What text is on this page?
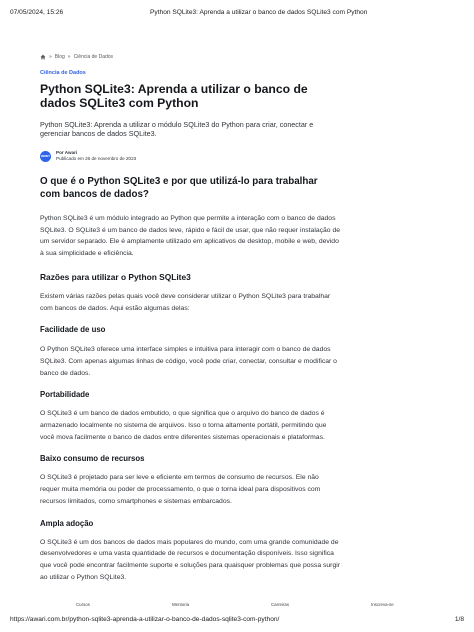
07/05/2024, 15:26	Python SQLite3: Aprenda a utilizar o banco de dados SQLite3 com Python
» Blog » Ciência de Dados
Ciência de Dados
Python SQLite3: Aprenda a utilizar o banco de dados SQLite3 com Python
Python SQLite3: Aprenda a utilizar o módulo SQLite3 do Python para criar, conectar e gerenciar bancos de dados SQLite3.
awari
Por Awari
Publicado em 26 de novembro de 2023
O que é o Python SQLite3 e por que utilizá-lo para trabalhar com bancos de dados?

Python SQLite3 é um módulo integrado ao Python que permite a interação com o banco de dados SQLite3. O SQLite3 é um banco de dados leve, rápido e fácil de usar, que não requer instalação de um servidor separado. Ele é amplamente utilizado em aplicativos de desktop, mobile e web, devido à sua simplicidade e eficiência.

Razões para utilizar o Python SQLite3

Existem várias razões pelas quais você deve considerar utilizar o Python SQLite3 para trabalhar com bancos de dados. Aqui estão algumas delas:

Facilidade de uso

O Python SQLite3 oferece uma interface simples e intuitiva para interagir com o banco de dados SQLite3. Com apenas algumas linhas de código, você pode criar, conectar, consultar e modificar o banco de dados.

Portabilidade

O SQLite3 é um banco de dados embutido, o que significa que o arquivo do banco de dados é armazenado localmente no sistema de arquivos. Isso o torna altamente portátil, permitindo que você mova facilmente o banco de dados entre diferentes sistemas operacionais e plataformas.

Baixo consumo de recursos

O SQLite3 é projetado para ser leve e eficiente em termos de consumo de recursos. Ele não requer muita memória ou poder de processamento, o que o torna ideal para dispositivos com recursos limitados, como smartphones e sistemas embarcados.

Ampla adoção

O SQLite3 é um dos bancos de dados mais populares do mundo, com uma grande comunidade de desenvolvedores e uma vasta quantidade de recursos e documentação disponíveis. Isso significa que você pode encontrar facilmente suporte e soluções para quaisquer problemas que possa surgir ao utilizar o Python SQLite3.

Cursos	Mentoria	Carreiras	Inscreva-se
https://awari.com.br/python-sqlite3-aprenda-a-utilizar-o-banco-de-dados-sqlite3-com-python/	1/8
